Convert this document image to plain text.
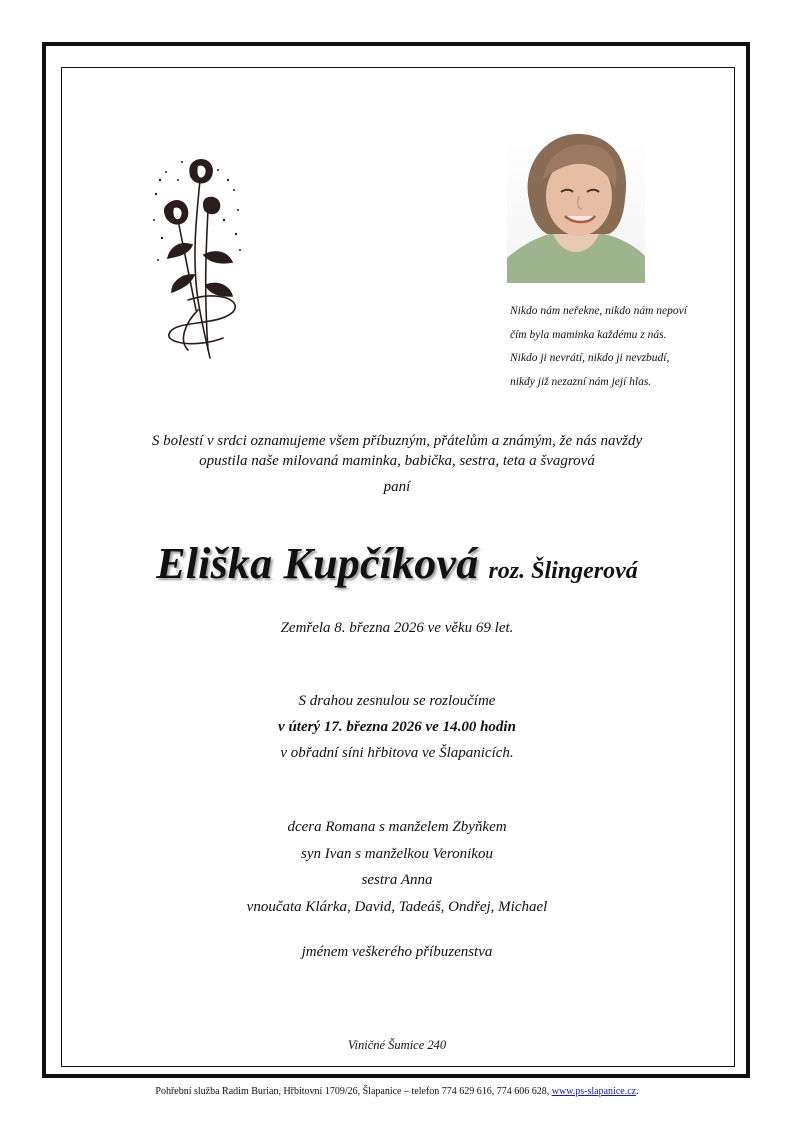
Nikdo nám neřekne, nikdo nám nepoví
čím byla maminka každému z nás.
Nikdo ji nevrátí, nikdo ji nevzbudí,
nikdy již nezazní nám její hlas.
S bolestí v srdci oznamujeme všem příbuzným, přátelům a známým, že nás navždy
opustila naše milovaná maminka, babička, sestra, teta a švagrová
paní
Eliška Kupčíková roz. Šlingerová
Zemřela 8. března 2026 ve věku 69 let.
S drahou zesnulou se rozloučíme
v úterý 17. března 2026 ve 14.00 hodin
v obřadní síni hřbitova ve Šlapanicích.
dcera Romana s manželem Zbyňkem
syn Ivan s manželkou Veronikou
sestra Anna
vnoučata Klárka, David, Tadeáš, Ondřej, Michael
jménem veškerého příbuzenstva
Viničné Šumice 240
Pohřební služba Radim Burian, Hřbitovní 1709/26, Šlapanice – telefon 774 629 616, 774 606 628, www.ps-slapanice.cz.
